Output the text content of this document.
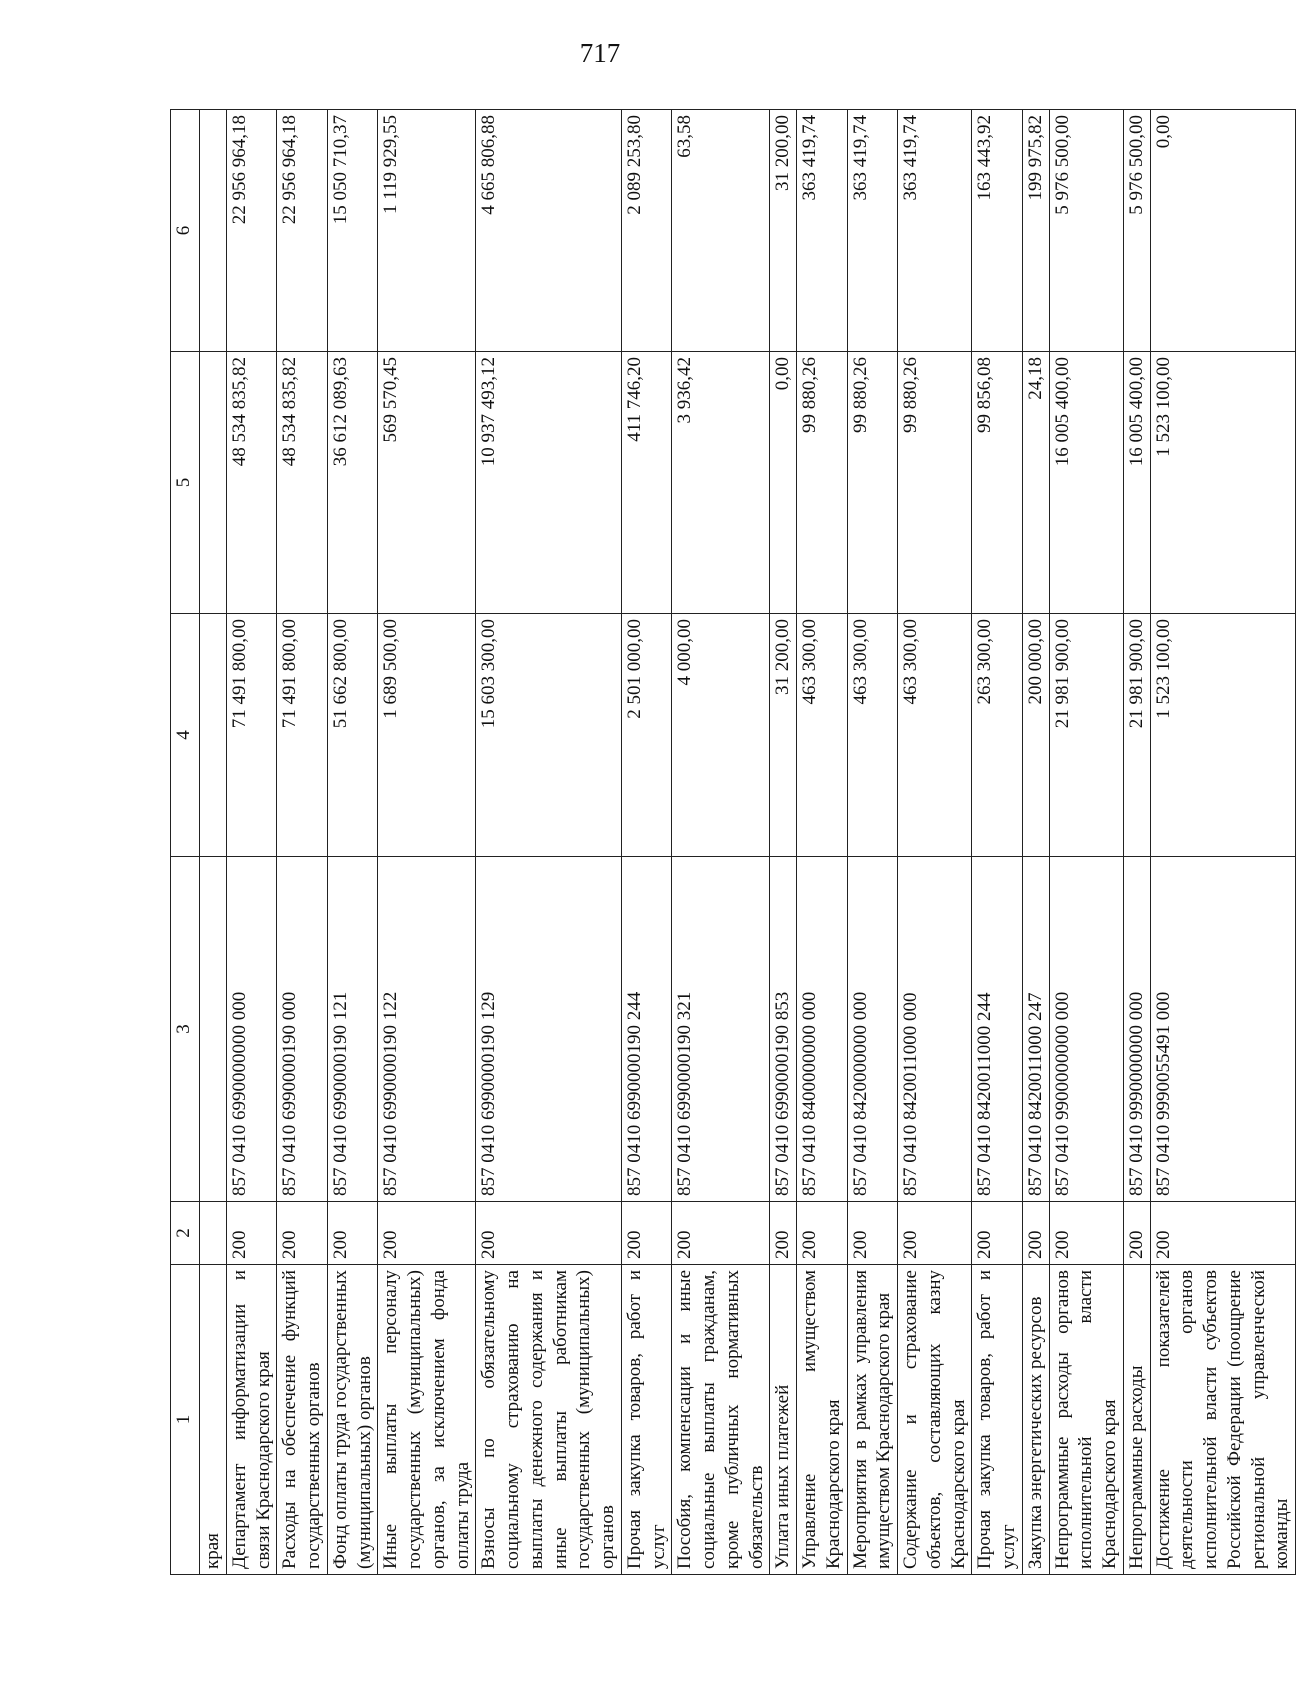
717
1	2	3	4	5	6
края					
Департамент информатизации и связи Краснодарского края	200	857 0410 6990000000 000	71 491 800,00	48 534 835,82	22 956 964,18
Расходы на обеспечение функций государственных органов	200	857 0410 6990000190 000	71 491 800,00	48 534 835,82	22 956 964,18
Фонд оплаты труда государственных (муниципальных) органов	200	857 0410 6990000190 121	51 662 800,00	36 612 089,63	15 050 710,37
Иные выплаты персоналу государственных (муниципальных) органов, за исключением фонда оплаты труда	200	857 0410 6990000190 122	1 689 500,00	569 570,45	1 119 929,55
Взносы по обязательному социальному страхованию на выплаты денежного содержания и иные выплаты работникам государственных (муниципальных) органов	200	857 0410 6990000190 129	15 603 300,00	10 937 493,12	4 665 806,88
Прочая закупка товаров, работ и услуг	200	857 0410 6990000190 244	2 501 000,00	411 746,20	2 089 253,80
Пособия, компенсации и иные социальные выплаты гражданам, кроме публичных нормативных обязательств	200	857 0410 6990000190 321	4 000,00	3 936,42	63,58
Уплата иных платежей	200	857 0410 6990000190 853	31 200,00	0,00	31 200,00
Управление имуществом Краснодарского края	200	857 0410 8400000000 000	463 300,00	99 880,26	363 419,74
Мероприятия в рамках управления имуществом Краснодарского края	200	857 0410 8420000000 000	463 300,00	99 880,26	363 419,74
Содержание и страхование объектов, составляющих казну Краснодарского края	200	857 0410 8420011000 000	463 300,00	99 880,26	363 419,74
Прочая закупка товаров, работ и услуг	200	857 0410 8420011000 244	263 300,00	99 856,08	163 443,92
Закупка энергетических ресурсов	200	857 0410 8420011000 247	200 000,00	24,18	199 975,82
Непрограммные расходы органов исполнительной власти Краснодарского края	200	857 0410 9900000000 000	21 981 900,00	16 005 400,00	5 976 500,00
Непрограммные расходы	200	857 0410 9990000000 000	21 981 900,00	16 005 400,00	5 976 500,00
Достижение показателей деятельности органов исполнительной власти субъектов Российской Федерации (поощрение региональной управленческой команды	200	857 0410 9990055491 000	1 523 100,00	1 523 100,00	0,00
